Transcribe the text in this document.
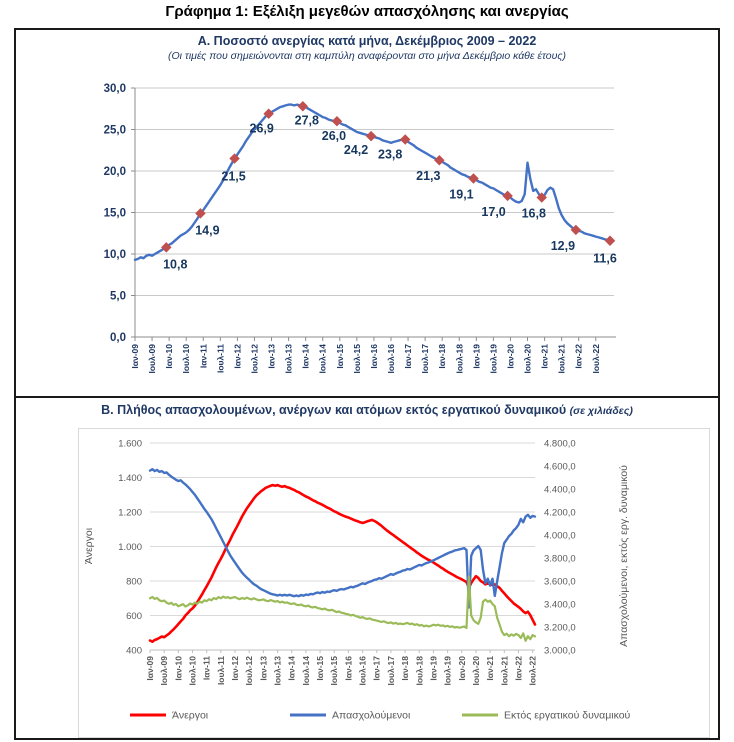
Γράφημα 1: Εξέλιξη μεγεθών απασχόλησης και ανεργίας
Α. Ποσοστό ανεργίας κατά μήνα, Δεκέμβριος 2009 – 2022
(Οι τιμές που σημειώνονται στη καμπύλη αναφέρονται στο μήνα Δεκέμβριο κάθε έτους)
0,0
5,0
10,0
15,0
20,0
25,0
30,0
Ιαν-09 Ιουλ-09 Ιαν-10 Ιουλ-10 Ιαν-11 Ιουλ-11 Ιαν-12 Ιουλ-12 Ιαν-13 Ιουλ-13 Ιαν-14 Ιουλ-14 Ιαν-15 Ιουλ-15 Ιαν-16 Ιουλ-16 Ιαν-17 Ιουλ-17 Ιαν-18 Ιουλ-18 Ιαν-19 Ιουλ-19 Ιαν-20 Ιουλ-20 Ιαν-21 Ιουλ-21 Ιαν-22 Ιουλ-22
10,8
14,9
21,5
26,9
27,8
26,0
24,2 23,8
21,3
19,1
17,0 16,8
12,9
11,6
Β. Πλήθος απασχολουμένων, ανέργων και ατόμων εκτός εργατικού δυναμικού (σε χιλιάδες)
400
600
800
1.000
1.200
1.400
1.600
3.000,0
3.200,0
3.400,0
3.600,0
3.800,0
4.000,0
4.200,0
4.400,0
4.600,0
4.800,0
Ιαν-09 Ιουλ-09 Ιαν-10 Ιουλ-10 Ιαν-11 Ιουλ-11 Ιαν-12 Ιουλ-12 Ιαν-13 Ιουλ-13 Ιαν-14 Ιουλ-14 Ιαν-15 Ιουλ-15 Ιαν-16 Ιουλ-16 Ιαν-17 Ιουλ-17 Ιαν-18 Ιουλ-18 Ιαν-19 Ιουλ-19 Ιαν-20 Ιουλ-20 Ιαν-21 Ιουλ-21 Ιαν-22 Ιουλ-22
Άνεργοι	Απασχολούμενοι, εκτός εργ. δυναμικού
Άνεργοι	Απασχολούμενοι	Εκτός εργατικού δυναμικού
